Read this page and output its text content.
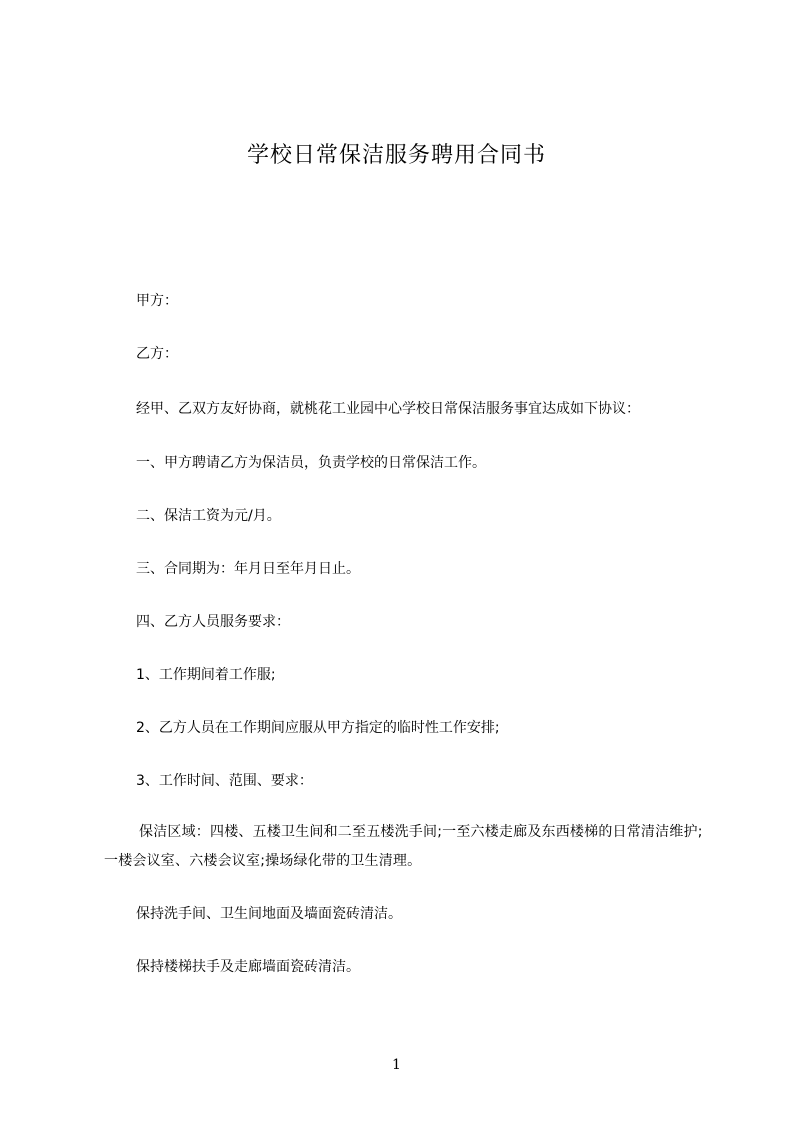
学校日常保洁服务聘用合同书
甲方：
乙方：
经甲、乙双方友好协商，就桃花工业园中心学校日常保洁服务事宜达成如下协议：
一、甲方聘请乙方为保洁员，负责学校的日常保洁工作。
二、保洁工资为元/月。
三、合同期为：年月日至年月日止。
四、乙方人员服务要求：
1、工作期间着工作服;
2、乙方人员在工作期间应服从甲方指定的临时性工作安排;
3、工作时间、范围、要求：
保洁区域：四楼、五楼卫生间和二至五楼洗手间;一至六楼走廊及东西楼梯的日常清洁维护;一楼会议室、六楼会议室;操场绿化带的卫生清理。
保持洗手间、卫生间地面及墙面瓷砖清洁。
保持楼梯扶手及走廊墙面瓷砖清洁。
1
